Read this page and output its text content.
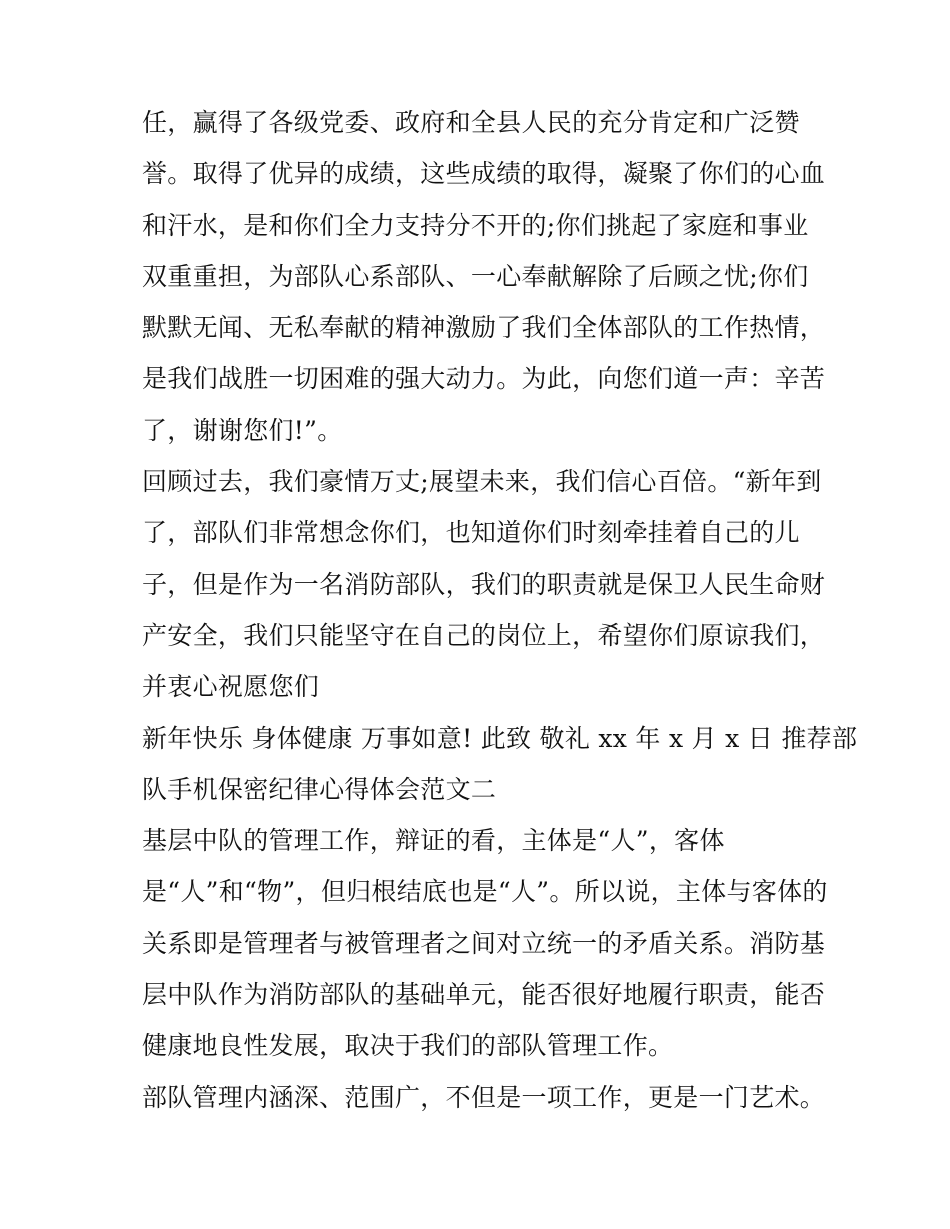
任，赢得了各级党委、政府和全县人民的充分肯定和广泛赞
誉。取得了优异的成绩，这些成绩的取得，凝聚了你们的心血
和汗水，是和你们全力支持分不开的;你们挑起了家庭和事业
双重重担，为部队心系部队、一心奉献解除了后顾之忧;你们
默默无闻、无私奉献的精神激励了我们全体部队的工作热情，
是我们战胜一切困难的强大动力。为此，向您们道一声：辛苦
了，谢谢您们!”。
回顾过去，我们豪情万丈;展望未来，我们信心百倍。“新年到
了，部队们非常想念你们，也知道你们时刻牵挂着自己的儿
子，但是作为一名消防部队，我们的职责就是保卫人民生命财
产安全，我们只能坚守在自己的岗位上，希望你们原谅我们，
并衷心祝愿您们
新年快乐 身体健康 万事如意! 此致 敬礼 xx 年 x 月 x 日 推荐部
队手机保密纪律心得体会范文二
基层中队的管理工作，辩证的看，主体是“人”，客体
是“人”和“物”，但归根结底也是“人”。所以说，主体与客体的
关系即是管理者与被管理者之间对立统一的矛盾关系。消防基
层中队作为消防部队的基础单元，能否很好地履行职责，能否
健康地良性发展，取决于我们的部队管理工作。
部队管理内涵深、范围广，不但是一项工作，更是一门艺术。
